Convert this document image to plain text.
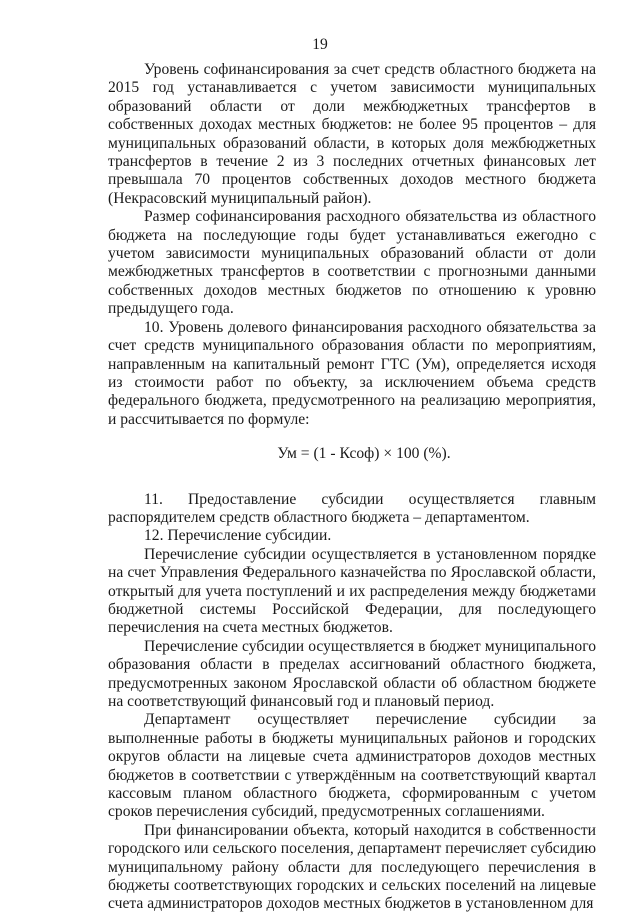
19

Уровень софинансирования за счет средств областного бюджета на 2015 год устанавливается с учетом зависимости муниципальных образований области от доли межбюджетных трансфертов в собственных доходах местных бюджетов: не более 95 процентов – для муниципальных образований области, в которых доля межбюджетных трансфертов в течение 2 из 3 последних отчетных финансовых лет превышала 70 процентов собственных доходов местного бюджета (Некрасовский муниципальный район).

Размер софинансирования расходного обязательства из областного бюджета на последующие годы будет устанавливаться ежегодно с учетом зависимости муниципальных образований области от доли межбюджетных трансфертов в соответствии с прогнозными данными собственных доходов местных бюджетов по отношению к уровню предыдущего года.

10. Уровень долевого финансирования расходного обязательства за счет средств муниципального образования области по мероприятиям, направленным на капитальный ремонт ГТС (Ум), определяется исходя из стоимости работ по объекту, за исключением объема средств федерального бюджета, предусмотренного на реализацию мероприятия, и рассчитывается по формуле:

Ум = (1 - Ксоф) × 100 (%).

11. Предоставление субсидии осуществляется главным распорядителем средств областного бюджета – департаментом.

12. Перечисление субсидии.

Перечисление субсидии осуществляется в установленном порядке на счет Управления Федерального казначейства по Ярославской области, открытый для учета поступлений и их распределения между бюджетами бюджетной системы Российской Федерации, для последующего перечисления на счета местных бюджетов.

Перечисление субсидии осуществляется в бюджет муниципального образования области в пределах ассигнований областного бюджета, предусмотренных законом Ярославской области об областном бюджете на соответствующий финансовый год и плановый период.

Департамент осуществляет перечисление субсидии за выполненные работы в бюджеты муниципальных районов и городских округов области на лицевые счета администраторов доходов местных бюджетов в соответствии с утверждённым на соответствующий квартал кассовым планом областного бюджета, сформированным с учетом сроков перечисления субсидий, предусмотренных соглашениями.

При финансировании объекта, который находится в собственности городского или сельского поселения, департамент перечисляет субсидию муниципальному району области для последующего перечисления в бюджеты соответствующих городских и сельских поселений на лицевые счета администраторов доходов местных бюджетов в установленном для
